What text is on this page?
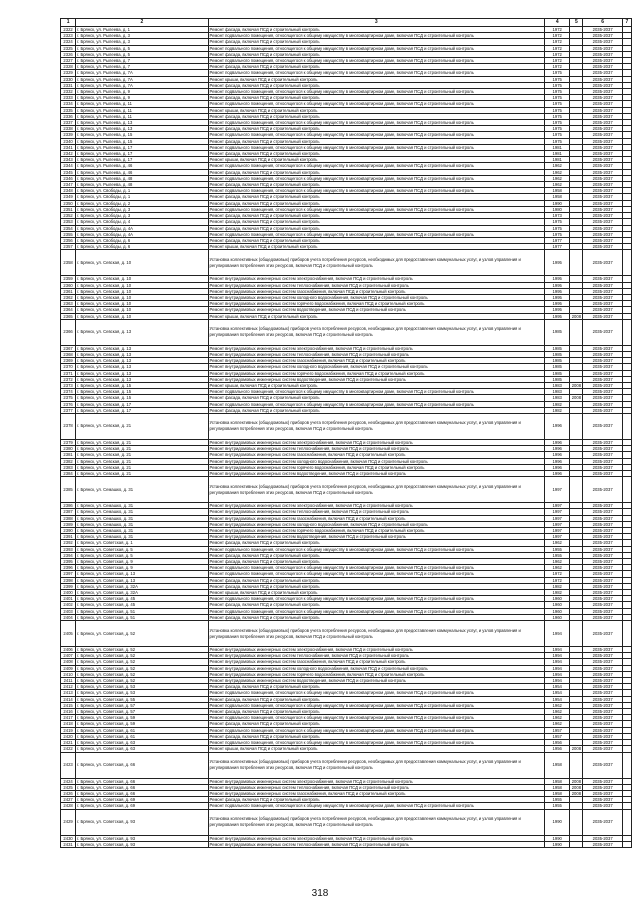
1	2	3	4	5	6	7
2322	г. Брянск, ул. Рылеева, д. 1	Ремонт фасада, включая ПСД и строительный контроль	1972		2035-2037	
2323	г. Брянск, ул. Рылеева, д. 3	Ремонт подвального помещения, относящегося к общему имуществу в многоквартирном доме, включая ПСД и строительный контроль	1972		2035-2037	
2324	г. Брянск, ул. Рылеева, д. 3	Ремонт фасада, включая ПСД и строительный контроль	1972		2035-2037	
2325	г. Брянск, ул. Рылеева, д. 5	Ремонт подвального помещения, относящегося к общему имуществу в многоквартирном доме, включая ПСД и строительный контроль	1972		2035-2037	
2326	г. Брянск, ул. Рылеева, д. 5	Ремонт фасада, включая ПСД и строительный контроль	1972		2035-2037	
2327	г. Брянск, ул. Рылеева, д. 7	Ремонт подвального помещения, относящегося к общему имуществу в многоквартирном доме, включая ПСД и строительный контроль	1972		2035-2037	
2328	г. Брянск, ул. Рылеева, д. 7	Ремонт фасада, включая ПСД и строительный контроль	1972		2035-2037	
2329	г. Брянск, ул. Рылеева, д. 7А	Ремонт подвального помещения, относящегося к общему имуществу в многоквартирном доме, включая ПСД и строительный контроль	1975		2035-2037	
2330	г. Брянск, ул. Рылеева, д. 7А	Ремонт крыши, включая ПСД и строительный контроль	1975		2035-2037	
2331	г. Брянск, ул. Рылеева, д. 7А	Ремонт фасада, включая ПСД и строительный контроль	1975		2035-2037	
2332	г. Брянск, ул. Рылеева, д. 9	Ремонт подвального помещения, относящегося к общему имуществу в многоквартирном доме, включая ПСД и строительный контроль	1975		2035-2037	
2333	г. Брянск, ул. Рылеева, д. 9	Ремонт фасада, включая ПСД и строительный контроль	1975		2035-2037	
2334	г. Брянск, ул. Рылеева, д. 11	Ремонт подвального помещения, относящегося к общему имуществу в многоквартирном доме, включая ПСД и строительный контроль	1975		2035-2037	
2335	г. Брянск, ул. Рылеева, д. 11	Ремонт крыши, включая ПСД и строительный контроль	1975		2035-2037	
2336	г. Брянск, ул. Рылеева, д. 11	Ремонт фасада, включая ПСД и строительный контроль	1975		2035-2037	
2337	г. Брянск, ул. Рылеева, д. 13	Ремонт подвального помещения, относящегося к общему имуществу в многоквартирном доме, включая ПСД и строительный контроль	1975		2035-2037	
2338	г. Брянск, ул. Рылеева, д. 13	Ремонт фасада, включая ПСД и строительный контроль	1975		2035-2037	
2339	г. Брянск, ул. Рылеева, д. 15	Ремонт подвального помещения, относящегося к общему имуществу в многоквартирном доме, включая ПСД и строительный контроль	1975		2035-2037	
2340	г. Брянск, ул. Рылеева, д. 15	Ремонт фасада, включая ПСД и строительный контроль	1975		2035-2037	
2341	г. Брянск, ул. Рылеева, д. 17	Ремонт подвального помещения, относящегося к общему имуществу в многоквартирном доме, включая ПСД и строительный контроль	1981		2035-2037	
2342	г. Брянск, ул. Рылеева, д. 17	Ремонт фасада, включая ПСД и строительный контроль	1981		2035-2037	
2343	г. Брянск, ул. Рылеева, д. 17	Ремонт крыши, включая ПСД и строительный контроль	1981		2035-2037	
2344	г. Брянск, ул. Рылеева, д. 46	Ремонт подвального помещения, относящегося к общему имуществу в многоквартирном доме, включая ПСД и строительный контроль	1962		2035-2037	
2345	г. Брянск, ул. Рылеева, д. 46	Ремонт фасада, включая ПСД и строительный контроль	1962		2035-2037	
2346	г. Брянск, ул. Рылеева, д. 48	Ремонт подвального помещения, относящегося к общему имуществу в многоквартирном доме, включая ПСД и строительный контроль	1962		2035-2037	
2347	г. Брянск, ул. Рылеева, д. 48	Ремонт фасада, включая ПСД и строительный контроль	1962		2035-2037	
2348	г. Брянск, ул. Свободы, д. 1	Ремонт подвального помещения, относящегося к общему имуществу в многоквартирном доме, включая ПСД и строительный контроль	1958		2035-2037	
2349	г. Брянск, ул. Свободы, д. 1	Ремонт фасада, включая ПСД и строительный контроль	1958		2035-2037	
2350	г. Брянск, ул. Свободы, д. 2	Ремонт фасада, включая ПСД и строительный контроль	1990		2035-2037	
2351	г. Брянск, ул. Свободы, д. 3	Ремонт подвального помещения, относящегося к общему имуществу в многоквартирном доме, включая ПСД и строительный контроль	1980		2035-2037	
2352	г. Брянск, ул. Свободы, д. 3	Ремонт фасада, включая ПСД и строительный контроль	1973		2035-2037	
2353	г. Брянск, ул. Свободы, д. 4	Ремонт фасада, включая ПСД и строительный контроль	1975		2035-2037	
2354	г. Брянск, ул. Свободы, д. 4А	Ремонт фасада, включая ПСД и строительный контроль	1975		2035-2037	
2355	г. Брянск, ул. Свободы, д. 4А	Ремонт подвального помещения, относящегося к общему имуществу в многоквартирном доме, включая ПСД и строительный контроль	1975		2035-2037	
2356	г. Брянск, ул. Свободы, д. 6	Ремонт фасада, включая ПСД и строительный контроль	1977		2035-2037	
2357	г. Брянск, ул. Свободы, д. 6	Ремонт крыши, включая ПСД и строительный контроль	1977		2035-2037	
2358	г. Брянск, ул. Севская, д. 10	Установка коллективных (общедомовых) приборов учета потребления ресурсов, необходимых для предоставления коммунальных услуг, и узлов управления и регулирования потребления этих ресурсов, включая ПСД и строительный контроль	1995		2035-2037	
2359	г. Брянск, ул. Севская, д. 10	Ремонт внутридомовых инженерных систем электроснабжения, включая ПСД и строительный контроль	1995		2035-2037	
2360	г. Брянск, ул. Севская, д. 10	Ремонт внутридомовых инженерных систем теплоснабжения, включая ПСД и строительный контроль	1995		2035-2037	
2361	г. Брянск, ул. Севская, д. 10	Ремонт внутридомовых инженерных систем газоснабжения, включая ПСД и строительный контроль	1995		2035-2037	
2362	г. Брянск, ул. Севская, д. 10	Ремонт внутридомовых инженерных систем холодного водоснабжения, включая ПСД и строительный контроль	1995		2035-2037	
2363	г. Брянск, ул. Севская, д. 10	Ремонт внутридомовых инженерных систем горячего водоснабжения, включая ПСД и строительный контроль	1995		2035-2037	
2364	г. Брянск, ул. Севская, д. 10	Ремонт внутридомовых инженерных систем водоотведения, включая ПСД и строительный контроль	1995		2035-2037	
2365	г. Брянск, ул. Севская, д. 10	Ремонт крыши, включая ПСД и строительный контроль	1995	2008	2035-2037	
2366	г. Брянск, ул. Севская, д. 13	Установка коллективных (общедомовых) приборов учета потребления ресурсов, необходимых для предоставления коммунальных услуг, и узлов управления и регулирования потребления этих ресурсов, включая ПСД и строительный контроль	1985		2035-2037	
2367	г. Брянск, ул. Севская, д. 13	Ремонт внутридомовых инженерных систем электроснабжения, включая ПСД и строительный контроль	1985		2035-2037	
2368	г. Брянск, ул. Севская, д. 13	Ремонт внутридомовых инженерных систем теплоснабжения, включая ПСД и строительный контроль	1985		2035-2037	
2369	г. Брянск, ул. Севская, д. 13	Ремонт внутридомовых инженерных систем газоснабжения, включая ПСД и строительный контроль	1985		2035-2037	
2370	г. Брянск, ул. Севская, д. 13	Ремонт внутридомовых инженерных систем холодного водоснабжения, включая ПСД и строительный контроль	1985		2035-2037	
2371	г. Брянск, ул. Севская, д. 13	Ремонт внутридомовых инженерных систем горячего водоснабжения, включая ПСД и строительный контроль	1985		2035-2037	
2372	г. Брянск, ул. Севская, д. 13	Ремонт внутридомовых инженерных систем водоотведения, включая ПСД и строительный контроль	1985		2035-2037	
2373	г. Брянск, ул. Севская, д. 15	Ремонт крыши, включая ПСД и строительный контроль	1983	2008	2035-2037	
2374	г. Брянск, ул. Севская, д. 15	Ремонт подвального помещения, относящегося к общему имуществу в многоквартирном доме, включая ПСД и строительный контроль	1983		2035-2037	
2375	г. Брянск, ул. Севская, д. 15	Ремонт фасада, включая ПСД и строительный контроль	1983	2008	2035-2037	
2376	г. Брянск, ул. Севская, д. 17	Ремонт подвального помещения, относящегося к общему имуществу в многоквартирном доме, включая ПСД и строительный контроль	1982		2035-2037	
2377	г. Брянск, ул. Севская, д. 17	Ремонт фасада, включая ПСД и строительный контроль	1982		2035-2037	
2378	г. Брянск, ул. Севская, д. 21	Установка коллективных (общедомовых) приборов учета потребления ресурсов, необходимых для предоставления коммунальных услуг, и узлов управления и регулирования потребления этих ресурсов, включая ПСД и строительный контроль	1996		2035-2037	
2379	г. Брянск, ул. Севская, д. 21	Ремонт внутридомовых инженерных систем электроснабжения, включая ПСД и строительный контроль	1996		2035-2037	
2380	г. Брянск, ул. Севская, д. 21	Ремонт внутридомовых инженерных систем теплоснабжения, включая ПСД и строительный контроль	1996		2035-2037	
2381	г. Брянск, ул. Севская, д. 21	Ремонт внутридомовых инженерных систем газоснабжения, включая ПСД и строительный контроль	1996		2035-2037	
2382	г. Брянск, ул. Севская, д. 21	Ремонт внутридомовых инженерных систем холодного водоснабжения, включая ПСД и строительный контроль	1996		2035-2037	
2383	г. Брянск, ул. Севская, д. 21	Ремонт внутридомовых инженерных систем горячего водоснабжения, включая ПСД и строительный контроль	1996		2035-2037	
2384	г. Брянск, ул. Севская, д. 21	Ремонт внутридомовых инженерных систем водоотведения, включая ПСД и строительный контроль	1996		2035-2037	
2385	г. Брянск, ул. Семашко, д. 31	Установка коллективных (общедомовых) приборов учета потребления ресурсов, необходимых для предоставления коммунальных услуг, и узлов управления и регулирования потребления этих ресурсов, включая ПСД и строительный контроль	1997		2035-2037	
2386	г. Брянск, ул. Семашко, д. 31	Ремонт внутридомовых инженерных систем электроснабжения, включая ПСД и строительный контроль	1997		2035-2037	
2387	г. Брянск, ул. Семашко, д. 31	Ремонт внутридомовых инженерных систем теплоснабжения, включая ПСД и строительный контроль	1997		2035-2037	
2388	г. Брянск, ул. Семашко, д. 31	Ремонт внутридомовых инженерных систем газоснабжения, включая ПСД и строительный контроль	1997		2035-2037	
2389	г. Брянск, ул. Семашко, д. 31	Ремонт внутридомовых инженерных систем холодного водоснабжения, включая ПСД и строительный контроль	1997		2035-2037	
2390	г. Брянск, ул. Семашко, д. 31	Ремонт внутридомовых инженерных систем горячего водоснабжения, включая ПСД и строительный контроль	1997		2035-2037	
2391	г. Брянск, ул. Семашко, д. 31	Ремонт внутридомовых инженерных систем водоотведения, включая ПСД и строительный контроль	1997		2035-2037	
2392	г. Брянск, ул. Советская, д. 1	Ремонт фасада, включая ПСД и строительный контроль	1962		2035-2037	
2393	г. Брянск, ул. Советская, д. 5	Ремонт подвального помещения, относящегося к общему имуществу в многоквартирном доме, включая ПСД и строительный контроль	1955		2035-2037	
2394	г. Брянск, ул. Советская, д. 5	Ремонт фасада, включая ПСД и строительный контроль	1955		2035-2037	
2395	г. Брянск, ул. Советская, д. 9	Ремонт фасада, включая ПСД и строительный контроль	1962		2035-2037	
2396	г. Брянск, ул. Советская, д. 9	Ремонт подвального помещения, относящегося к общему имуществу в многоквартирном доме, включая ПСД и строительный контроль	1962		2035-2037	
2397	г. Брянск, ул. Советская, д. 13	Ремонт подвального помещения, относящегося к общему имуществу в многоквартирном доме, включая ПСД и строительный контроль	1972		2035-2037	
2398	г. Брянск, ул. Советская, д. 13	Ремонт фасада, включая ПСД и строительный контроль	1972		2035-2037	
2399	г. Брянск, ул. Советская, д. 32А	Ремонт фасада, включая ПСД и строительный контроль	1982		2035-2037	
2400	г. Брянск, ул. Советская, д. 32А	Ремонт крыши, включая ПСД и строительный контроль	1982		2035-2037	
2401	г. Брянск, ул. Советская, д. 45	Ремонт подвального помещения, относящегося к общему имуществу в многоквартирном доме, включая ПСД и строительный контроль	1960		2035-2037	
2402	г. Брянск, ул. Советская, д. 45	Ремонт фасада, включая ПСД и строительный контроль	1960		2035-2037	
2403	г. Брянск, ул. Советская, д. 51	Ремонт подвального помещения, относящегося к общему имуществу в многоквартирном доме, включая ПСД и строительный контроль	1960		2035-2037	
2404	г. Брянск, ул. Советская, д. 51	Ремонт фасада, включая ПСД и строительный контроль	1960		2035-2037	
2405	г. Брянск, ул. Советская, д. 52	Установка коллективных (общедомовых) приборов учета потребления ресурсов, необходимых для предоставления коммунальных услуг, и узлов управления и регулирования потребления этих ресурсов, включая ПСД и строительный контроль	1994		2035-2037	
2406	г. Брянск, ул. Советская, д. 52	Ремонт внутридомовых инженерных систем электроснабжения, включая ПСД и строительный контроль	1994		2035-2037	
2407	г. Брянск, ул. Советская, д. 52	Ремонт внутридомовых инженерных систем теплоснабжения, включая ПСД и строительный контроль	1994		2035-2037	
2408	г. Брянск, ул. Советская, д. 52	Ремонт внутридомовых инженерных систем газоснабжения, включая ПСД и строительный контроль	1994		2035-2037	
2409	г. Брянск, ул. Советская, д. 52	Ремонт внутридомовых инженерных систем холодного водоснабжения, включая ПСД и строительный контроль	1994		2035-2037	
2410	г. Брянск, ул. Советская, д. 52	Ремонт внутридомовых инженерных систем горячего водоснабжения, включая ПСД и строительный контроль	1994		2035-2037	
2411	г. Брянск, ул. Советская, д. 52	Ремонт внутридомовых инженерных систем водоотведения, включая ПСД и строительный контроль	1994		2035-2037	
2412	г. Брянск, ул. Советская, д. 53	Ремонт фасада, включая ПСД и строительный контроль	1954		2035-2037	
2413	г. Брянск, ул. Советская, д. 53	Ремонт подвального помещения, относящегося к общему имуществу в многоквартирном доме, включая ПСД и строительный контроль	1954		2035-2037	
2414	г. Брянск, ул. Советская, д. 55	Ремонт фасада, включая ПСД и строительный контроль	1954		2035-2037	
2415	г. Брянск, ул. Советская, д. 57	Ремонт подвального помещения, относящегося к общему имуществу в многоквартирном доме, включая ПСД и строительный контроль	1962		2035-2037	
2416	г. Брянск, ул. Советская, д. 57	Ремонт фасада, включая ПСД и строительный контроль	1962		2035-2037	
2417	г. Брянск, ул. Советская, д. 59	Ремонт подвального помещения, относящегося к общему имуществу в многоквартирном доме, включая ПСД и строительный контроль	1962		2035-2037	
2418	г. Брянск, ул. Советская, д. 59	Ремонт фасада, включая ПСД и строительный контроль	1962		2035-2037	
2419	г. Брянск, ул. Советская, д. 61	Ремонт подвального помещения, относящегося к общему имуществу в многоквартирном доме, включая ПСД и строительный контроль	1957		2035-2037	
2420	г. Брянск, ул. Советская, д. 61	Ремонт фасада, включая ПСД и строительный контроль	1957		2035-2037	
2421	г. Брянск, ул. Советская, д. 63	Ремонт подвального помещения, относящегося к общему имуществу в многоквартирном доме, включая ПСД и строительный контроль	1956		2035-2037	
2422	г. Брянск, ул. Советская, д. 63	Ремонт крыши, включая ПСД и строительный контроль	1956	2008	2035-2037	
2423	г. Брянск, ул. Советская, д. 66	Установка коллективных (общедомовых) приборов учета потребления ресурсов, необходимых для предоставления коммунальных услуг, и узлов управления и регулирования потребления этих ресурсов, включая ПСД и строительный контроль	1958		2035-2037	
2424	г. Брянск, ул. Советская, д. 66	Ремонт внутридомовых инженерных систем электроснабжения, включая ПСД и строительный контроль	1958	2008	2035-2037	
2425	г. Брянск, ул. Советская, д. 66	Ремонт внутридомовых инженерных систем теплоснабжения, включая ПСД и строительный контроль	1958	2008	2035-2037	
2426	г. Брянск, ул. Советская, д. 66	Ремонт внутридомовых инженерных систем газоснабжения, включая ПСД и строительный контроль	1958	2008	2035-2037	
2427	г. Брянск, ул. Советская, д. 69	Ремонт фасада, включая ПСД и строительный контроль	1955		2035-2037	
2428	г. Брянск, ул. Советская, д. 69	Ремонт подвального помещения, относящегося к общему имуществу в многоквартирном доме, включая ПСД и строительный контроль	1955		2035-2037	
2429	г. Брянск, ул. Советская, д. 93	Установка коллективных (общедомовых) приборов учета потребления ресурсов, необходимых для предоставления коммунальных услуг, и узлов управления и регулирования потребления этих ресурсов, включая ПСД и строительный контроль	1990		2035-2037	
2430	г. Брянск, ул. Советская, д. 93	Ремонт внутридомовых инженерных систем электроснабжения, включая ПСД и строительный контроль	1990		2035-2037	
2431	г. Брянск, ул. Советская, д. 93	Ремонт внутридомовых инженерных систем теплоснабжения, включая ПСД и строительный контроль	1990		2035-2037	
318
